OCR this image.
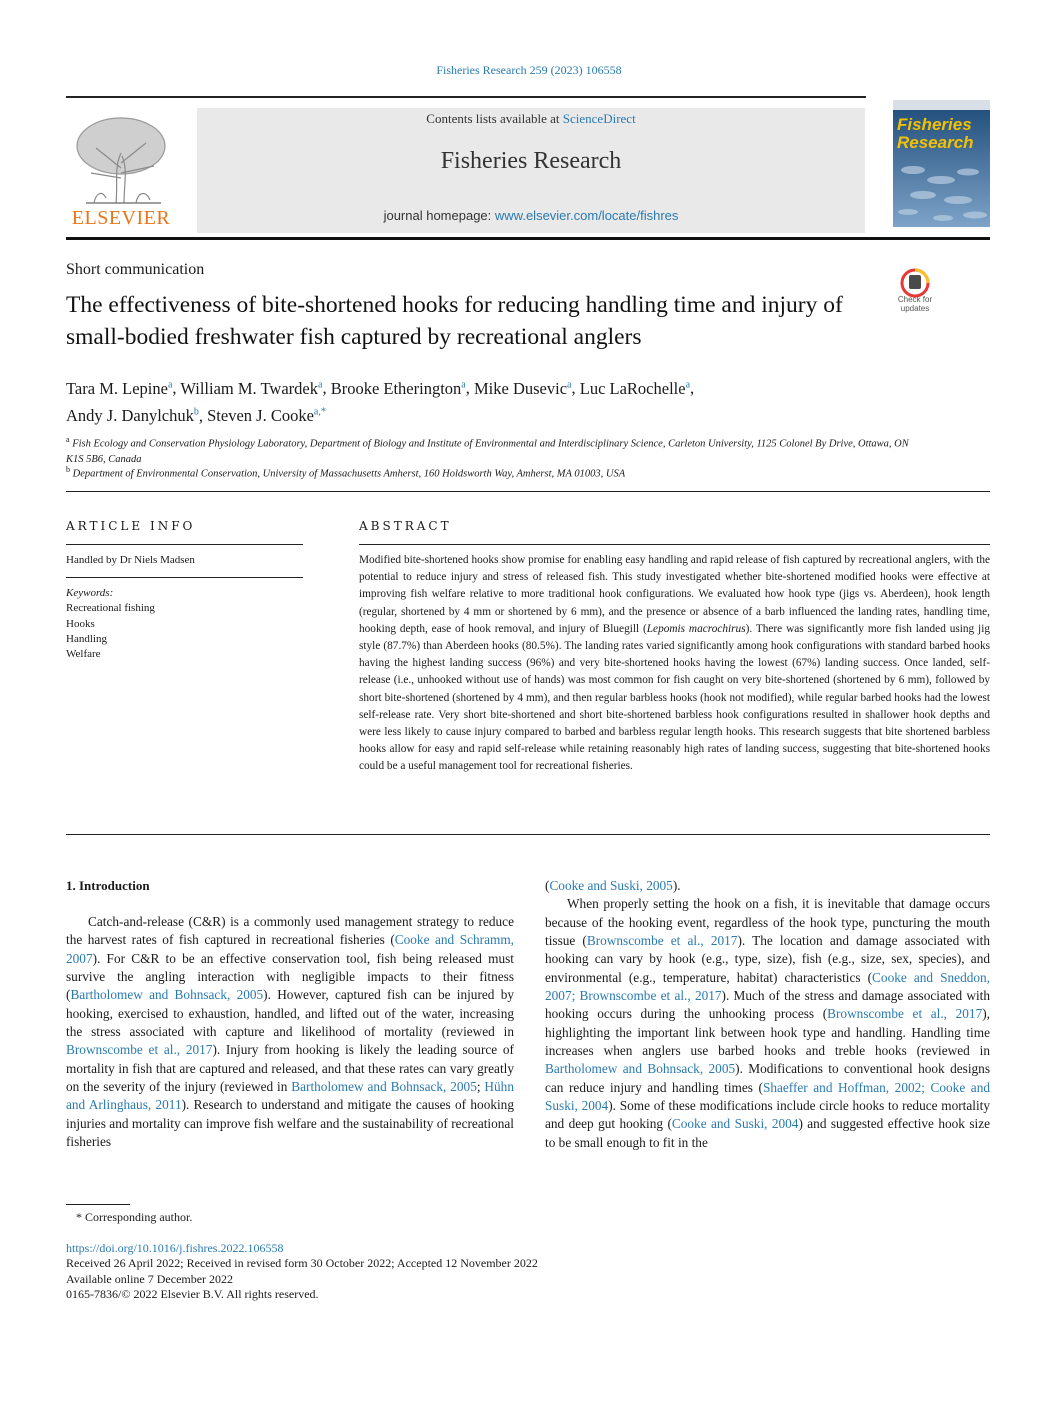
Fisheries Research 259 (2023) 106558
ELSEVIER
Contents lists available at ScienceDirect
Fisheries Research
journal homepage: www.elsevier.com/locate/fishres
Fisheries
Research
Short communication
The effectiveness of bite-shortened hooks for reducing handling time and injury of small-bodied freshwater fish captured by recreational anglers
Check for
updates
Tara M. Lepine$^a$, William M. Twardek$^a$, Brooke Etherington$^a$, Mike Dusevic$^a$, Luc LaRochelle$^a$,
Andy J. Danylchuk$^b$, Steven J. Cooke$^{a,*}$
$^a$ Fish Ecology and Conservation Physiology Laboratory, Department of Biology and Institute of Environmental and Interdisciplinary Science, Carleton University, 1125 Colonel By Drive, Ottawa, ON K1S 5B6, Canada
$^b$ Department of Environmental Conservation, University of Massachusetts Amherst, 160 Holdsworth Way, Amherst, MA 01003, USA
ARTICLE INFO
Handled by Dr Niels Madsen
Keywords:
Recreational fishing
Hooks
Handling
Welfare
ABSTRACT
Modified bite-shortened hooks show promise for enabling easy handling and rapid release of fish captured by recreational anglers, with the potential to reduce injury and stress of released fish. This study investigated whether bite-shortened modified hooks were effective at improving fish welfare relative to more traditional hook configurations. We evaluated how hook type (jigs vs. Aberdeen), hook length (regular, shortened by 4 mm or shortened by 6 mm), and the presence or absence of a barb influenced the landing rates, handling time, hooking depth, ease of hook removal, and injury of Bluegill (Lepomis macrochirus). There was significantly more fish landed using jig style (87.7%) than Aberdeen hooks (80.5%). The landing rates varied significantly among hook configurations with standard barbed hooks having the highest landing success (96%) and very bite-shortened hooks having the lowest (67%) landing success. Once landed, self-release (i.e., unhooked without use of hands) was most common for fish caught on very bite-shortened (shortened by 6 mm), followed by short bite-shortened (shortened by 4 mm), and then regular barbless hooks (hook not modified), while regular barbed hooks had the lowest self-release rate. Very short bite-shortened and short bite-shortened barbless hook configurations resulted in shallower hook depths and were less likely to cause injury compared to barbed and barbless regular length hooks. This research suggests that bite shortened barbless hooks allow for easy and rapid self-release while retaining reasonably high rates of landing success, suggesting that bite-shortened hooks could be a useful management tool for recreational fisheries.
1. Introduction

Catch-and-release (C&R) is a commonly used management strategy to reduce the harvest rates of fish captured in recreational fisheries (Cooke and Schramm, 2007). For C&R to be an effective conservation tool, fish being released must survive the angling interaction with negligible impacts to their fitness (Bartholomew and Bohnsack, 2005). However, captured fish can be injured by hooking, exercised to exhaustion, handled, and lifted out of the water, increasing the stress associated with capture and likelihood of mortality (reviewed in Brownscombe et al., 2017). Injury from hooking is likely the leading source of mortality in fish that are captured and released, and that these rates can vary greatly on the severity of the injury (reviewed in Bartholomew and Bohnsack, 2005; Hühn and Arlinghaus, 2011). Research to understand and mitigate the causes of hooking injuries and mortality can improve fish welfare and the sustainability of recreational fisheries

(Cooke and Suski, 2005).

When properly setting the hook on a fish, it is inevitable that damage occurs because of the hooking event, regardless of the hook type, puncturing the mouth tissue (Brownscombe et al., 2017). The location and damage associated with hooking can vary by hook (e.g., type, size), fish (e.g., size, sex, species), and environmental (e.g., temperature, habitat) characteristics (Cooke and Sneddon, 2007; Brownscombe et al., 2017). Much of the stress and damage associated with hooking occurs during the unhooking process (Brownscombe et al., 2017), highlighting the important link between hook type and handling. Handling time increases when anglers use barbed hooks and treble hooks (reviewed in Bartholomew and Bohnsack, 2005). Modifications to conventional hook designs can reduce injury and handling times (Shaeffer and Hoffman, 2002; Cooke and Suski, 2004). Some of these modifications include circle hooks to reduce mortality and deep gut hooking (Cooke and Suski, 2004) and suggested effective hook size to be small enough to fit in the

* Corresponding author.
https://doi.org/10.1016/j.fishres.2022.106558
Received 26 April 2022; Received in revised form 30 October 2022; Accepted 12 November 2022
Available online 7 December 2022
0165-7836/© 2022 Elsevier B.V. All rights reserved.
